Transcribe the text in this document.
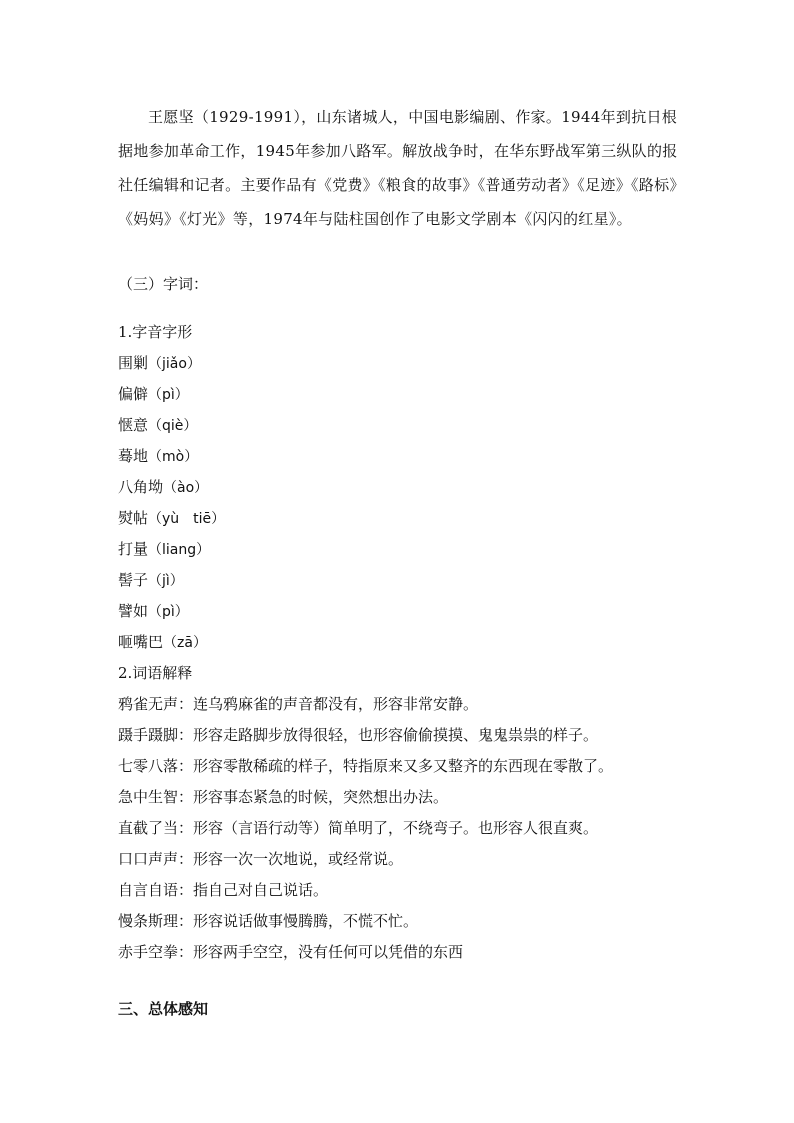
王愿坚（1929-1991），山东诸城人，中国电影编剧、作家。1944年到抗日根据地参加革命工作，1945年参加八路军。解放战争时，在华东野战军第三纵队的报社任编辑和记者。主要作品有《党费》《粮食的故事》《普通劳动者》《足迹》《路标》《妈妈》《灯光》等，1974年与陆柱国创作了电影文学剧本《闪闪的红星》。

（三）字词：

1.字音字形
围剿（jiǎo）
偏僻（pì）
惬意（qiè）
蓦地（mò）
八角坳（ào）
熨帖（yù　tiē）
打量（liang）
髻子（jì）
譬如（pì）
咂嘴巴（zā）
2.词语解释
鸦雀无声：连乌鸦麻雀的声音都没有，形容非常安静。
蹑手蹑脚：形容走路脚步放得很轻，也形容偷偷摸摸、鬼鬼祟祟的样子。
七零八落：形容零散稀疏的样子，特指原来又多又整齐的东西现在零散了。
急中生智：形容事态紧急的时候，突然想出办法。
直截了当：形容（言语行动等）简单明了，不绕弯子。也形容人很直爽。
口口声声：形容一次一次地说，或经常说。
自言自语：指自己对自己说话。
慢条斯理：形容说话做事慢腾腾，不慌不忙。
赤手空拳：形容两手空空，没有任何可以凭借的东西

三、总体感知
